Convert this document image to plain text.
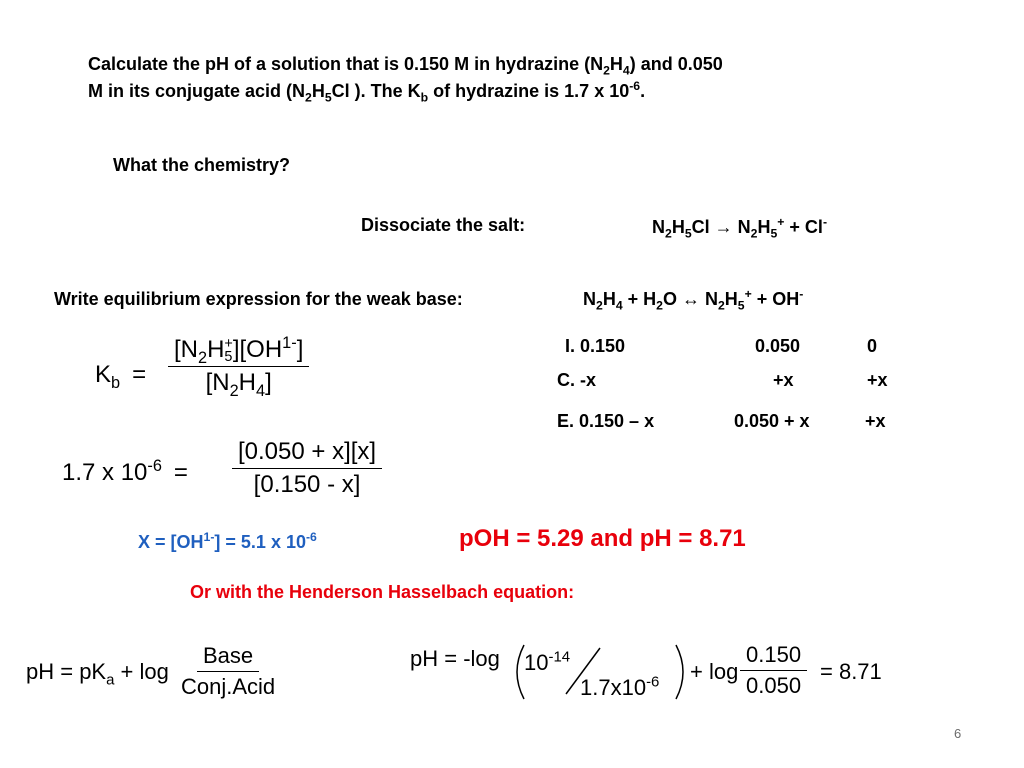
Calculate the pH of a solution that is 0.150 M in hydrazine $(N_2H_4)$ and 0.050
M in its conjugate acid ($N_2H_5Cl$ ). The $K_b$ of hydrazine is 1.7 x $10^{-6}$.
What the chemistry?
Dissociate the salt:	$N_2H_5Cl \to N_2H_5^+ + Cl^-$
Write equilibrium expression for the weak base:	$N_2H_4 + H_2O$ ↔ $N_2H_5^+ + OH^-$
I. 0.150	0.050	0
C. -x	+x	+x
E. 0.150 – x	0.050 + x	+x
$K_b = [N_2H$ +
5 ]$[OH^{1-}]$
$[N_2H_4]$
1.7 x $10^{-6} = \frac{[0.050 + x][x]}{[0.150 - x]}$
$X = [OH^{1-}] = 5.1$ x $10^{-6}$	pOH = 5.29 and pH = 8.71
Or with the Henderson Hasselbach equation:
pH = $pK_a + \log \frac{\text{Base}}{\text{Conj.Acid}}$	pH = -log $10^{-14}$
$1.7x10^{-6} + \log \frac{0.150}{0.050} = 8.71$
6
